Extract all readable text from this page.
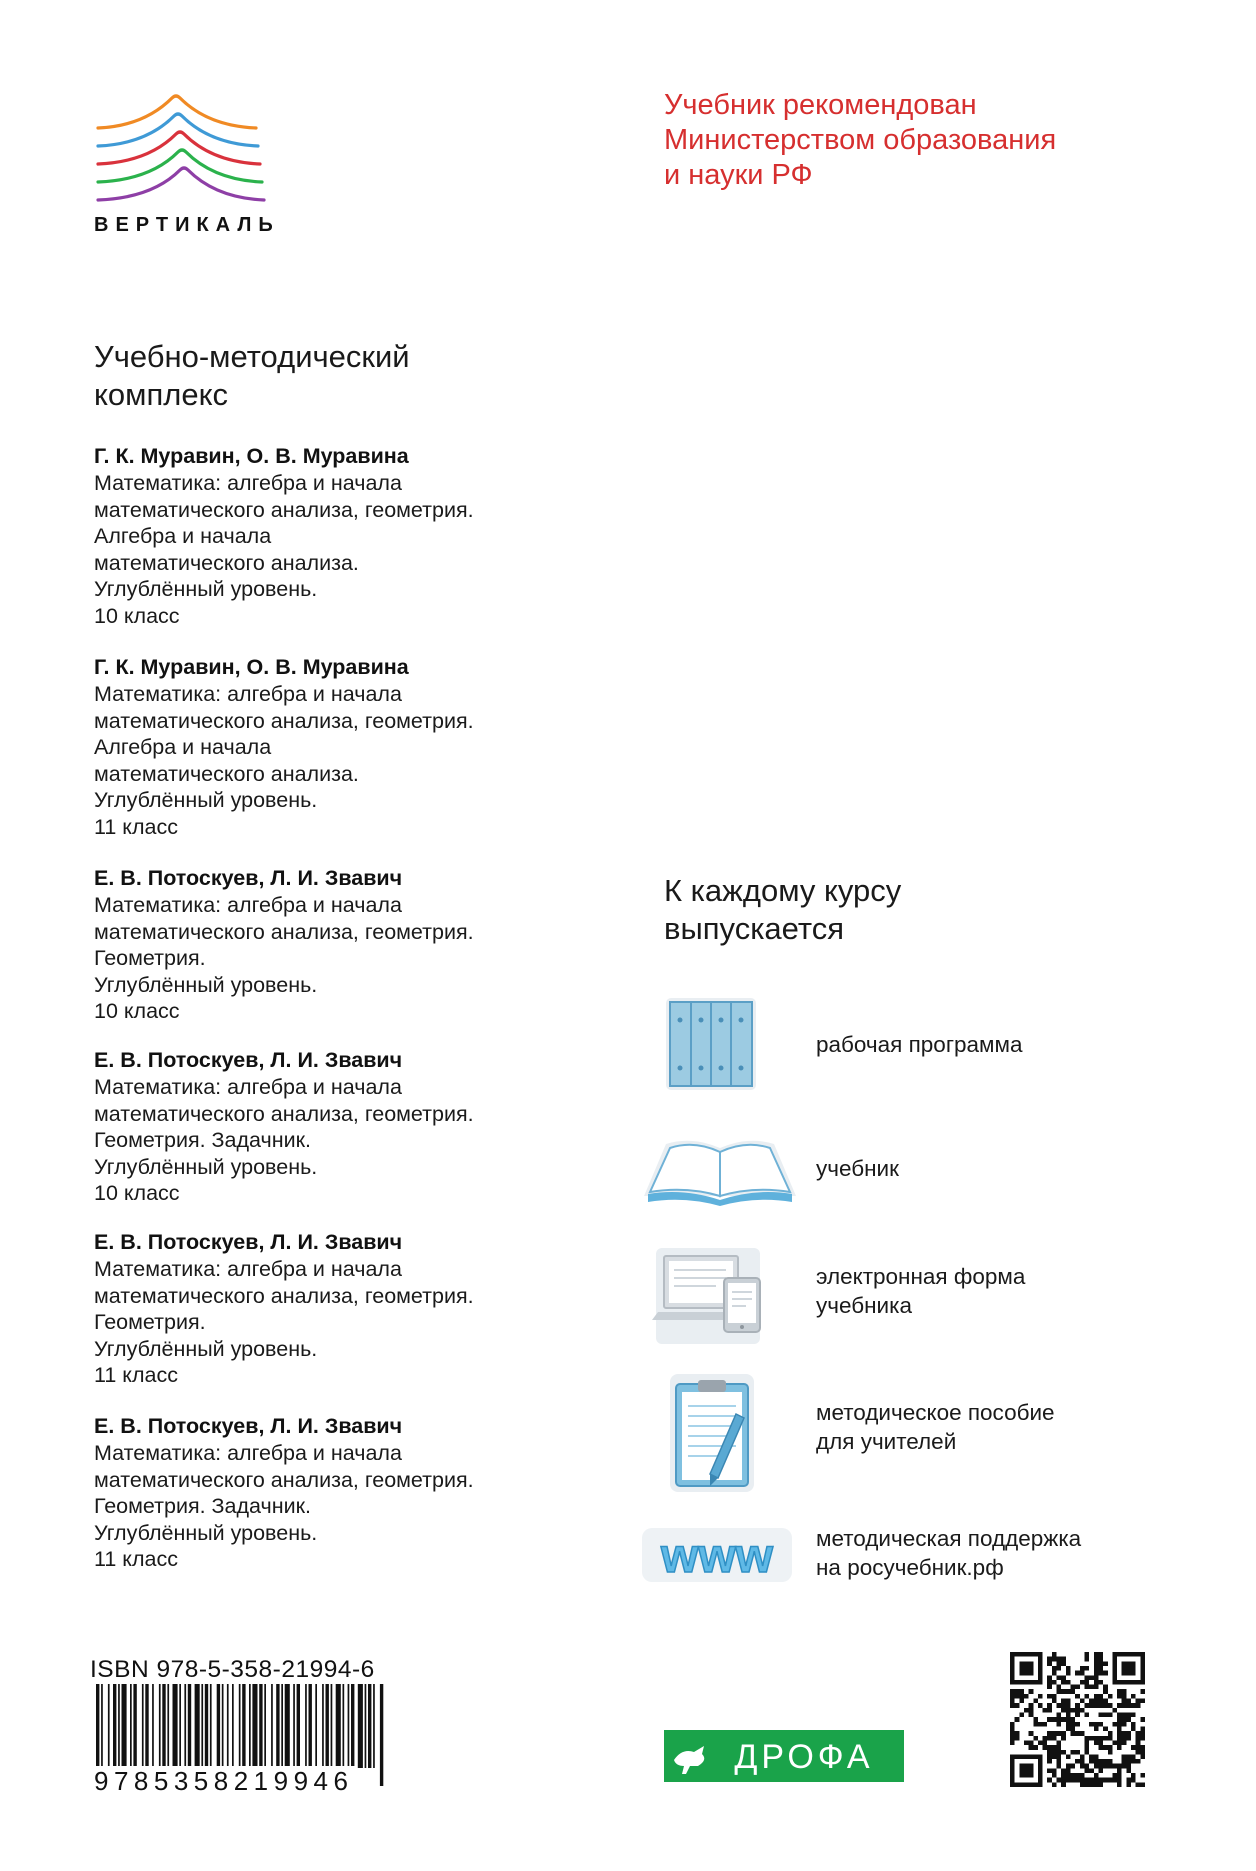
ВЕРТИКАЛЬ
Учебник рекомендован
Министерством образования
и науки РФ
Учебно-методический
комплекс
Г. К. Муравин, О. В. Муравина
Математика: алгебра и начала
математического анализа, геометрия.
Алгебра и начала
математического анализа.
Углублённый уровень.
10 класс
Г. К. Муравин, О. В. Муравина
Математика: алгебра и начала
математического анализа, геометрия.
Алгебра и начала
математического анализа.
Углублённый уровень.
11 класс
Е. В. Потоскуев, Л. И. Звавич
Математика: алгебра и начала
математического анализа, геометрия.
Геометрия.
Углублённый уровень.
10 класс
Е. В. Потоскуев, Л. И. Звавич
Математика: алгебра и начала
математического анализа, геометрия.
Геометрия. Задачник.
Углублённый уровень.
10 класс
Е. В. Потоскуев, Л. И. Звавич
Математика: алгебра и начала
математического анализа, геометрия.
Геометрия.
Углублённый уровень.
11 класс
Е. В. Потоскуев, Л. И. Звавич
Математика: алгебра и начала
математического анализа, геометрия.
Геометрия. Задачник.
Углублённый уровень.
11 класс
К каждому курсу
выпускается
рабочая программа
учебник
электронная форма
учебника
методическое пособие
для учителей
www методическая поддержка
на росучебник.рф
ISBN 978-5-358-21994-6
9785358219946
ДРОФА
